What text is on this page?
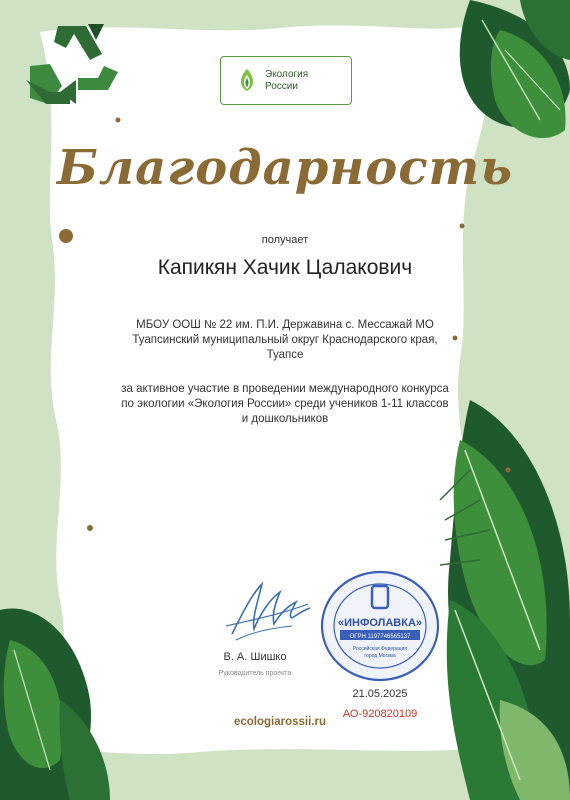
Экология
России
Благодарность
получает
Капикян Хачик Цалакович
МБОУ ООШ № 22 им. П.И. Державина с. Мессажай МО
Туапсинский муниципальный округ Краснодарского края,
Туапсе
за активное участие в проведении международного конкурса
по экологии «Экология России» среди учеников 1-11 классов
и дошкольников
В. А. Шишко
Руководитель проекта
«ИНФОЛАВКА»
ОГРН 1197746565137
Российская Федерация
город Москва
21.05.2025
АО-920820109
ecologiarossii.ru
